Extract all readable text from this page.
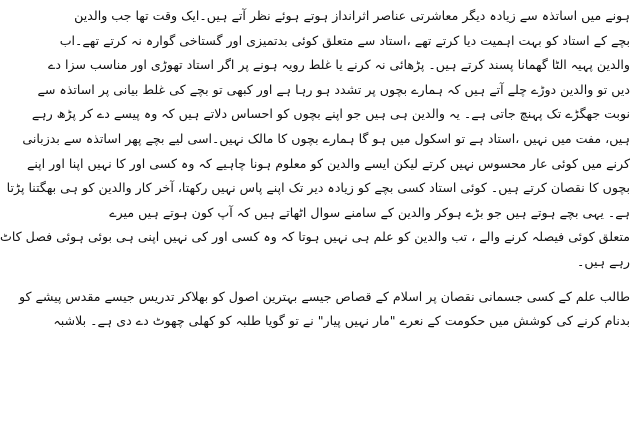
ہونے میں اساتذہ سے زیادہ دیگر معاشرتی عناصر اثرانداز ہوتے ہوئے نظر آتے ہیں۔ایک وقت تھا جب والدین
بچے کے استاد کو بہت اہمیت دیا کرتے تھے ،استاد سے متعلق کوئی بدتمیزی اور گستاخی گوارہ نہ کرتے تھے۔اب
والدین پہیہ الٹا گھمانا پسند کرتے ہیں۔ پڑھائی نہ کرنے یا غلط رویہ ہونے پر اگر استاد تھوڑی اور مناسب سزا دے
دیں تو والدین دوڑے چلے آتے ہیں کہ ہمارے بچوں پر تشدد ہو رہا ہے اور کبھی تو بچے کی غلط بیانی پر اساتذہ سے
نوبت جھگڑے تک پہنچ جاتی ہے۔ یہ والدین ہی ہیں جو اپنے بچوں کو احساس دلاتے ہیں کہ وہ پیسے دے کر پڑھ رہے
ہیں، مفت میں نہیں ،استاد ہے تو اسکول میں ہو گا ہمارے بچوں کا مالک نہیں۔اسی لیے بچے پھر اساتذہ سے بدزبانی
کرنے میں کوئی عار محسوس نہیں کرتے لیکن ایسے والدین کو معلوم ہونا چاہیے کہ وہ کسی اور کا نہیں اپنا اور اپنے
بچوں کا نقصان کرتے ہیں۔ کوئی استاد کسی بچے کو زیادہ دیر تک اپنے پاس نہیں رکھتا، آخر کار والدین کو ہی بھگتنا پڑتا
ہے۔ یہی بچے ہوتے ہیں جو بڑے ہوکر والدین کے سامنے سوال اٹھاتے ہیں کہ آپ کون ہوتے ہیں میرے
متعلق کوئی فیصلہ کرنے والے ، تب والدین کو علم ہی نہیں ہوتا کہ وہ کسی اور کی نہیں اپنی ہی بوئی ہوئی فصل کاٹ
رہے ہیں۔
طالب علم کے کسی جسمانی نقصان پر اسلام کے قصاص جیسے بہترین اصول کو بھلاکر تدریس جیسے مقدس پیشے کو
بدنام کرنے کی کوشش میں حکومت کے نعرے "مار نہیں پیار" نے تو گویا طلبہ کو کھلی چھوٹ دے دی ہے۔ بلاشبہ
